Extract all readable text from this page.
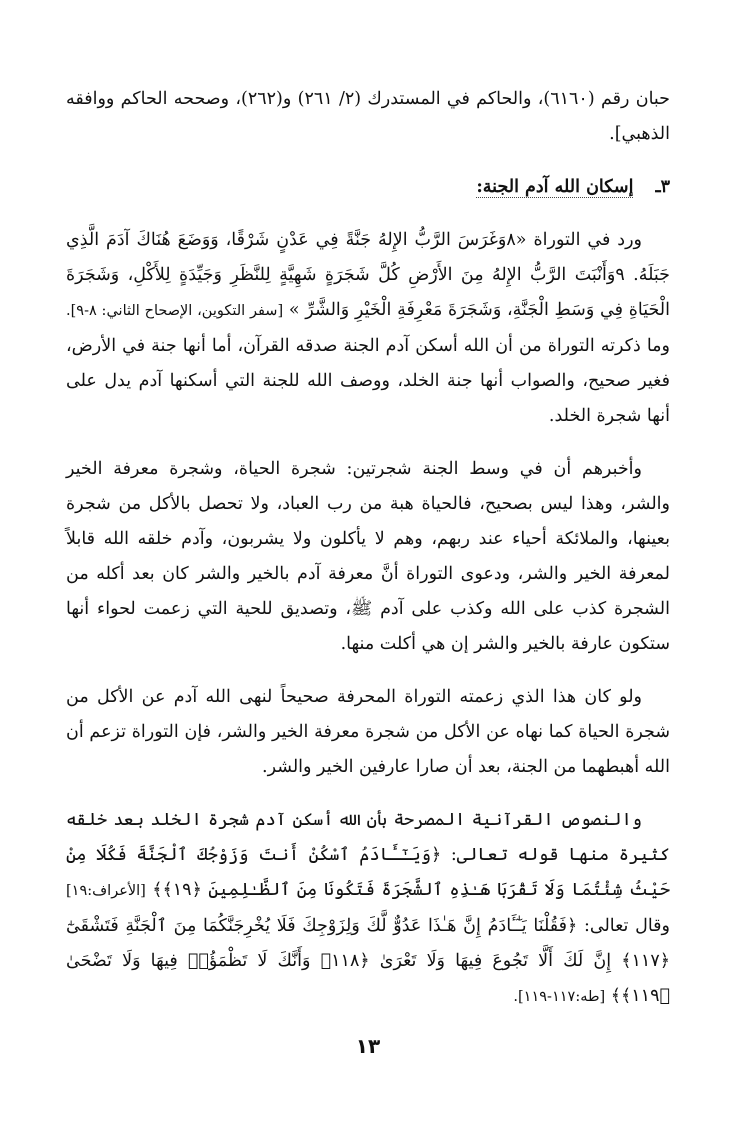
حبان رقم (٦١٦٠)، والحاكم في المستدرك (٢/ ٢٦١) و(٢٦٢)، وصححه الحاكم ووافقه الذهبي].

٣ـإسكان الله آدم الجنة:

ورد في التوراة «٨وَغَرَسَ الرَّبُّ الإِلهُ جَنَّةً فِي عَدْنٍ شَرْقًا، وَوَضَعَ هُنَاكَ آدَمَ الَّذِي جَبَلَهُ. ٩وَأَنْبَتَ الرَّبُّ الإِلهُ مِنَ الأَرْضِ كُلَّ شَجَرَةٍ شَهِيَّةٍ لِلنَّظَرِ وَجَيِّدَةٍ لِلأَكْلِ، وَشَجَرَةَ الْحَيَاةِ فِي وَسَطِ الْجَنَّةِ، وَشَجَرَةَ مَعْرِفَةِ الْخَيْرِ وَالشَّرِّ » [سفر التكوين، الإصحاح الثاني: ٨-٩]. وما ذكرته التوراة من أن الله أسكن آدم الجنة صدقه القرآن، أما أنها جنة في الأرض، فغير صحيح، والصواب أنها جنة الخلد، ووصف الله للجنة التي أسكنها آدم يدل على أنها شجرة الخلد.

وأخبرهم أن في وسط الجنة شجرتين: شجرة الحياة، وشجرة معرفة الخير والشر، وهذا ليس بصحيح، فالحياة هبة من رب العباد، ولا تحصل بالأكل من شجرة بعينها، والملائكة أحياء عند ربهم، وهم لا يأكلون ولا يشربون، وآدم خلقه الله قابلاً لمعرفة الخير والشر، ودعوى التوراة أنَّ معرفة آدم بالخير والشر كان بعد أكله من الشجرة كذب على الله وكذب على آدم ﷺ، وتصديق للحية التي زعمت لحواء أنها ستكون عارفة بالخير والشر إن هي أكلت منها.

ولو كان هذا الذي زعمته التوراة المحرفة صحيحاً لنهى الله آدم عن الأكل من شجرة الحياة كما نهاه عن الأكل من شجرة معرفة الخير والشر، فإن التوراة تزعم أن الله أهبطهما من الجنة، بعد أن صارا عارفين الخير والشر.

والنصوص القرآنية المصرحة بأن الله أسكن آدم شجرة الخلد بعد خلقه كثيرة منها قوله تعالى: ﴿وَيَـٰٓـَٔادَمُ ٱسْكُنْ أَنتَ وَزَوْجُكَ ٱلْجَنَّةَ فَكُلَا مِنْ حَيْثُ شِئْتُمَا وَلَا تَقْرَبَا هَـٰذِهِ ٱلشَّجَرَةَ فَتَكُونَا مِنَ ٱلظَّـٰلِمِينَ ﴿١٩﴾﴾ [الأعراف:١٩] وقال تعالى: ﴿فَقُلْنَا يَـٰٓـَٔادَمُ إِنَّ هَـٰذَا عَدُوٌّ لَّكَ وَلِزَوْجِكَ فَلَا يُخْرِجَنَّكُمَا مِنَ ٱلْجَنَّةِ فَتَشْقَىٰٓ ﴿١١٧﴾ إِنَّ لَكَ أَلَّا تَجُوعَ فِيهَا وَلَا تَعْرَىٰ ﴿١١٨﴾ وَأَنَّكَ لَا تَظْمَؤُا۟ فِيهَا وَلَا تَضْحَىٰ ﴿١١٩﴾﴾ [طه:١١٧-١١٩].

١٣
